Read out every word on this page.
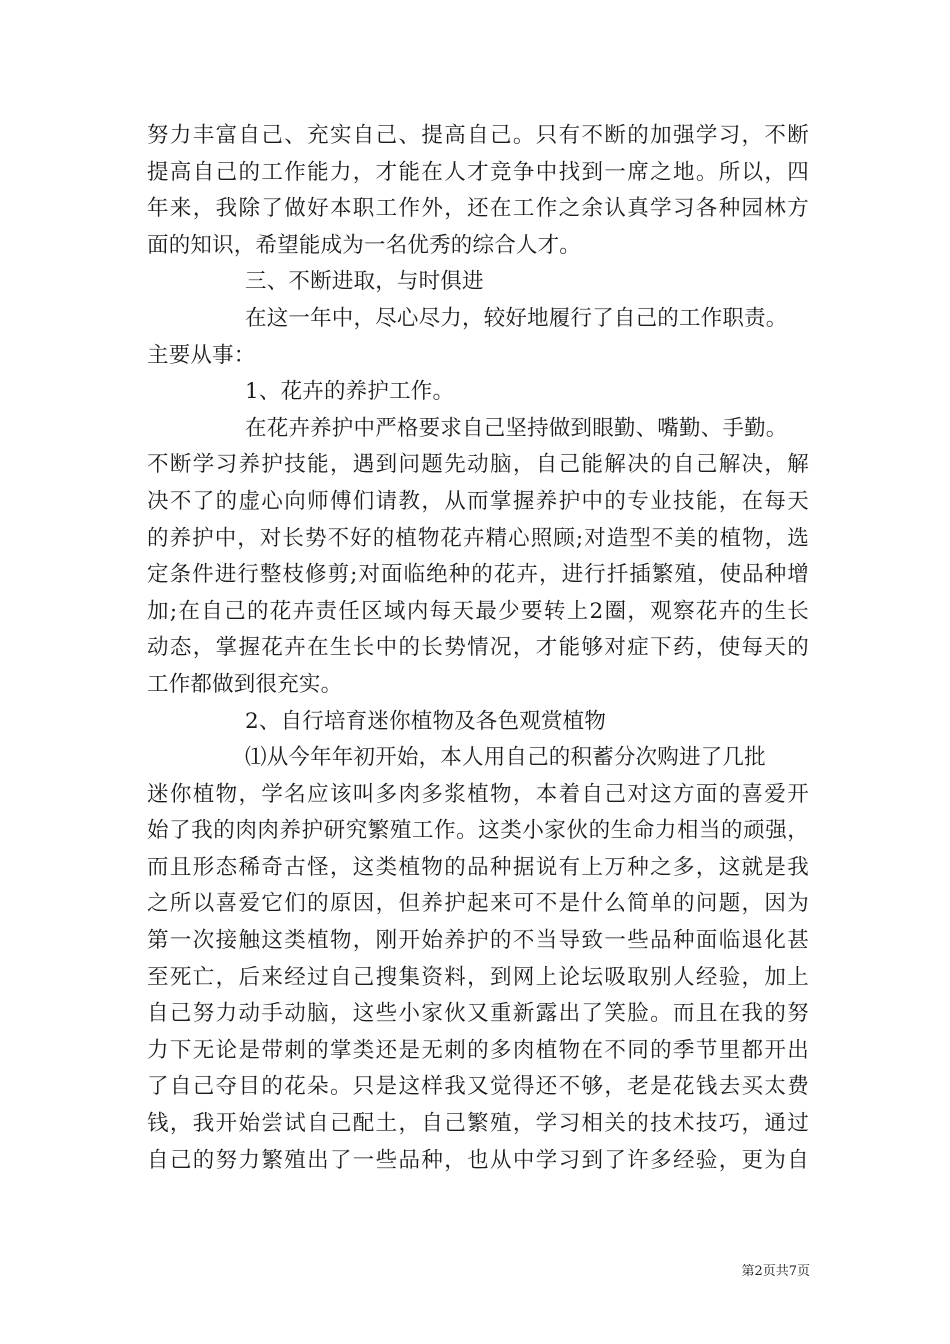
努力丰富自己、充实自己、提高自己。只有不断的加强学习，不断
提高自己的工作能力，才能在人才竞争中找到一席之地。所以，四
年来，我除了做好本职工作外，还在工作之余认真学习各种园林方
面的知识，希望能成为一名优秀的综合人才。
三、不断进取，与时俱进
在这一年中，尽心尽力，较好地履行了自己的工作职责。
主要从事：
1、花卉的养护工作。
在花卉养护中严格要求自己坚持做到眼勤、嘴勤、手勤。
不断学习养护技能，遇到问题先动脑，自己能解决的自己解决，解
决不了的虚心向师傅们请教，从而掌握养护中的专业技能，在每天
的养护中，对长势不好的植物花卉精心照顾;对造型不美的植物，选
定条件进行整枝修剪;对面临绝种的花卉，进行扦插繁殖，使品种增
加;在自己的花卉责任区域内每天最少要转上2圈，观察花卉的生长
动态，掌握花卉在生长中的长势情况，才能够对症下药，使每天的
工作都做到很充实。
2、自行培育迷你植物及各色观赏植物
⑴从今年年初开始，本人用自己的积蓄分次购进了几批
迷你植物，学名应该叫多肉多浆植物，本着自己对这方面的喜爱开
始了我的肉肉养护研究繁殖工作。这类小家伙的生命力相当的顽强，
而且形态稀奇古怪，这类植物的品种据说有上万种之多，这就是我
之所以喜爱它们的原因，但养护起来可不是什么简单的问题，因为
第一次接触这类植物，刚开始养护的不当导致一些品种面临退化甚
至死亡，后来经过自己搜集资料，到网上论坛吸取别人经验，加上
自己努力动手动脑，这些小家伙又重新露出了笑脸。而且在我的努
力下无论是带刺的掌类还是无刺的多肉植物在不同的季节里都开出
了自己夺目的花朵。只是这样我又觉得还不够，老是花钱去买太费
钱，我开始尝试自己配土，自己繁殖，学习相关的技术技巧，通过
自己的努力繁殖出了一些品种，也从中学习到了许多经验，更为自
第2页共7页
